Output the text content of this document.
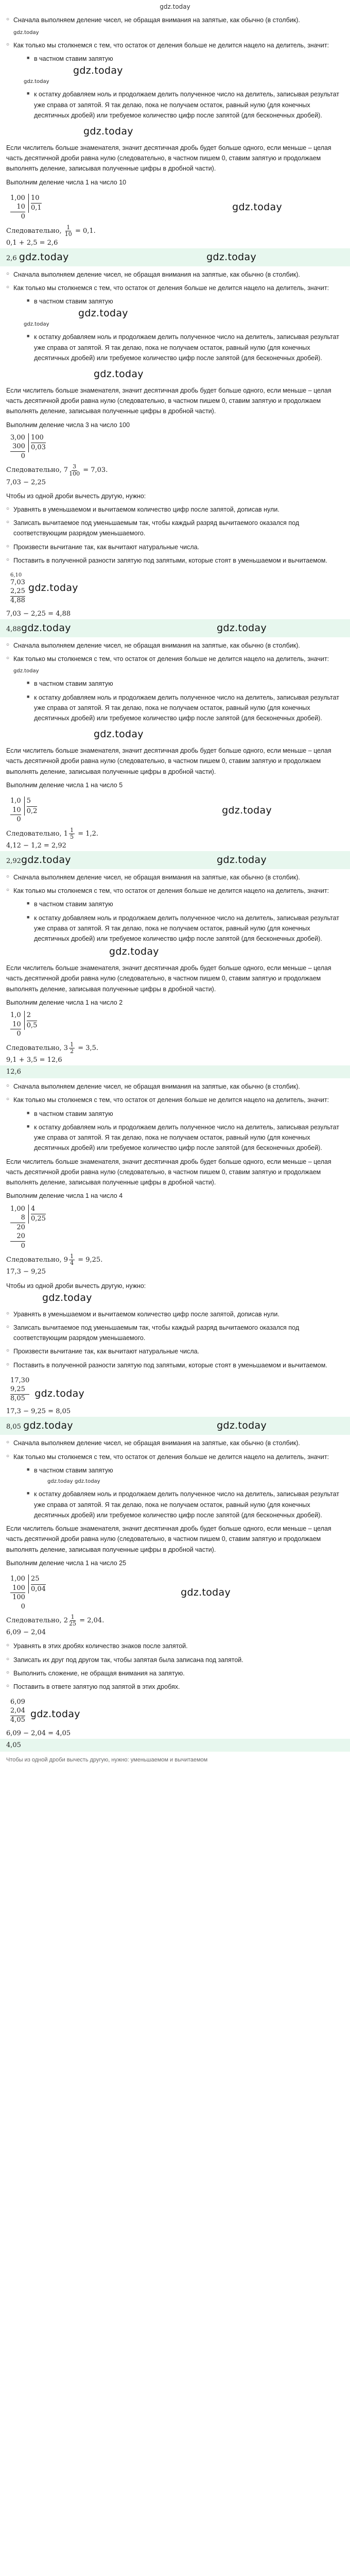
gdz.today
○ Сначала выполняем деление чисел, не обращая внимания на запятые, как обычно (в столбик).
gdz.today
○ Как только мы столкнемся с тем, что остаток от деления больше не делится нацело на делитель, значит:
■ в частном ставим запятую
gdz.today
gdz.today
■ к остатку добавляем ноль и продолжаем делить полученное число на делитель, записывая результат уже справа от запятой. Я так делаю, пока не получаем остаток, равный нулю (для конечных десятичных дробей) или требуемое количество цифр после запятой (для бесконечных дробей).
gdz.today
Если числитель больше знаменателя, значит десятичная дробь будет больше одного, если меньше – целая часть десятичной дроби равна нулю (следовательно, в частном пишем 0, ставим запятую и продолжаем выполнять деление, записывая полученные цифры в дробной части).
Выполним деление числа 1 на число 10
1,00
10
0
10
0,1	gdz.today
Следовательно, $\frac{1}{10} = 0,1$.
0,1 + 2,5 = 2,6
2,6 gdz.today	gdz.today
○ Сначала выполняем деление чисел, не обращая внимания на запятые, как обычно (в столбик).
○ Как только мы столкнемся с тем, что остаток от деления больше не делится нацело на делитель, значит:
■ в частном ставим запятую
gdz.today
gdz.today
■ к остатку добавляем ноль и продолжаем делить полученное число на делитель, записывая результат уже справа от запятой. Я так делаю, пока не получаем остаток, равный нулю (для конечных десятичных дробей) или требуемое количество цифр после запятой (для бесконечных дробей).
gdz.today
Если числитель больше знаменателя, значит десятичная дробь будет больше одного, если меньше – целая часть десятичной дроби равна нулю (следовательно, в частном пишем 0, ставим запятую и продолжаем выполнять деление, записывая полученные цифры в дробной части).
Выполним деление числа 3 на число 100
3,00
300
0
100
0,03
Следовательно, $7 \frac{3}{100} = 7,03$.
7,03 − 2,25
Чтобы из одной дроби вычесть другую, нужно:
○ Уравнять в уменьшаемом и вычитаемом количество цифр после запятой, дописав нули.
○ Записать вычитаемое под уменьшаемым так, чтобы каждый разряд вычитаемого оказался под соответствующим разрядом уменьшаемого.
○ Произвести вычитание так, как вычитают натуральные числа.
○ Поставить в полученной разности запятую под запятыми, которые стоят в уменьшаемом и вычитаемом.
6,10
7,03
2,25
4,88
gdz.today
7,03 − 2,25 = 4,88
4,88gdz.today	gdz.today
○ Сначала выполняем деление чисел, не обращая внимания на запятые, как обычно (в столбик).
○ Как только мы столкнемся с тем, что остаток от деления больше не делится нацело на делитель, значит:
gdz.today
■ в частном ставим запятую
■ к остатку добавляем ноль и продолжаем делить полученное число на делитель, записывая результат уже справа от запятой. Я так делаю, пока не получаем остаток, равный нулю (для конечных десятичных дробей) или требуемое количество цифр после запятой (для бесконечных дробей).
gdz.today
Если числитель больше знаменателя, значит десятичная дробь будет больше одного, если меньше – целая часть десятичной дроби равна нулю (следовательно, в частном пишем 0, ставим запятую и продолжаем выполнять деление, записывая полученные цифры в дробной части).
Выполним деление числа 1 на число 5
1,0
10
0
5
0,2	gdz.today
Следовательно, $1 \frac{1}{5} = 1,2$.
4,12 − 1,2 = 2,92
2,92gdz.today	gdz.today
○ Сначала выполняем деление чисел, не обращая внимания на запятые, как обычно (в столбик).
○ Как только мы столкнемся с тем, что остаток от деления больше не делится нацело на делитель, значит:
■ в частном ставим запятую
■ к остатку добавляем ноль и продолжаем делить полученное число на делитель, записывая результат уже справа от запятой. Я так делаю, пока не получаем остаток, равный нулю (для конечных десятичных дробей) или требуемое количество цифр после запятой (для бесконечных дробей).
gdz.today
Если числитель больше знаменателя, значит десятичная дробь будет больше одного, если меньше – целая часть десятичной дроби равна нулю (следовательно, в частном пишем 0, ставим запятую и продолжаем выполнять деление, записывая полученные цифры в дробной части).
Выполним деление числа 1 на число 2
1,0
10
0
2
0,5
Следовательно, $3 \frac{1}{2} = 3,5$.
9,1 + 3,5 = 12,6
12,6
○ Сначала выполняем деление чисел, не обращая внимания на запятые, как обычно (в столбик).
○ Как только мы столкнемся с тем, что остаток от деления больше не делится нацело на делитель, значит:
■ в частном ставим запятую
■ к остатку добавляем ноль и продолжаем делить полученное число на делитель, записывая результат уже справа от запятой. Я так делаю, пока не получаем остаток, равный нулю (для конечных десятичных дробей) или требуемое количество цифр после запятой (для бесконечных дробей).
Если числитель больше знаменателя, значит десятичная дробь будет больше одного, если меньше – целая часть десятичной дроби равна нулю (следовательно, в частном пишем 0, ставим запятую и продолжаем выполнять деление, записывая полученные цифры в дробной части).
Выполним деление числа 1 на число 4
1,00
8
20
20
0
4
0,25
Следовательно, $9 \frac{1}{4} = 9,25$.
17,3 − 9,25
Чтобы из одной дроби вычесть другую, нужно:
gdz.today
○ Уравнять в уменьшаемом и вычитаемом количество цифр после запятой, дописав нули.
○ Записать вычитаемое под уменьшаемым так, чтобы каждый разряд вычитаемого оказался под соответствующим разрядом уменьшаемого.
○ Произвести вычитание так, как вычитают натуральные числа.
○ Поставить в полученной разности запятую под запятыми, которые стоят в уменьшаемом и вычитаемом.
17,30
9,25
8,05 gdz.today
17,3 − 9,25 = 8,05
8,05 gdz.today	gdz.today
○ Сначала выполняем деление чисел, не обращая внимания на запятые, как обычно (в столбик).
○ Как только мы столкнемся с тем, что остаток от деления больше не делится нацело на делитель, значит:
■ в частном ставим запятую
gdz.today gdz.today
■ к остатку добавляем ноль и продолжаем делить полученное число на делитель, записывая результат уже справа от запятой. Я так делаю, пока не получаем остаток, равный нулю (для конечных десятичных дробей) или требуемое количество цифр после запятой (для бесконечных дробей).
Если числитель больше знаменателя, значит десятичная дробь будет больше одного, если меньше – целая часть десятичной дроби равна нулю (следовательно, в частном пишем 0, ставим запятую и продолжаем выполнять деление, записывая полученные цифры в дробной части).
Выполним деление числа 1 на число 25
1,00
100
100
0
25
0,04	gdz.today
Следовательно, $2 \frac{1}{25} = 2,04$.
6,09 − 2,04
○ Уравнять в этих дробях количество знаков после запятой.
○ Записать их друг под другом так, чтобы запятая была записана под запятой.
○ Выполнить сложение, не обращая внимания на запятую.
○ Поставить в ответе запятую под запятой в этих дробях.
6,09
2,04
4,05
gdz.today
6,09 − 2,04 = 4,05
4,05
Чтобы из одной дроби вычесть другую, нужно: уменьшаемом и вычитаемом
